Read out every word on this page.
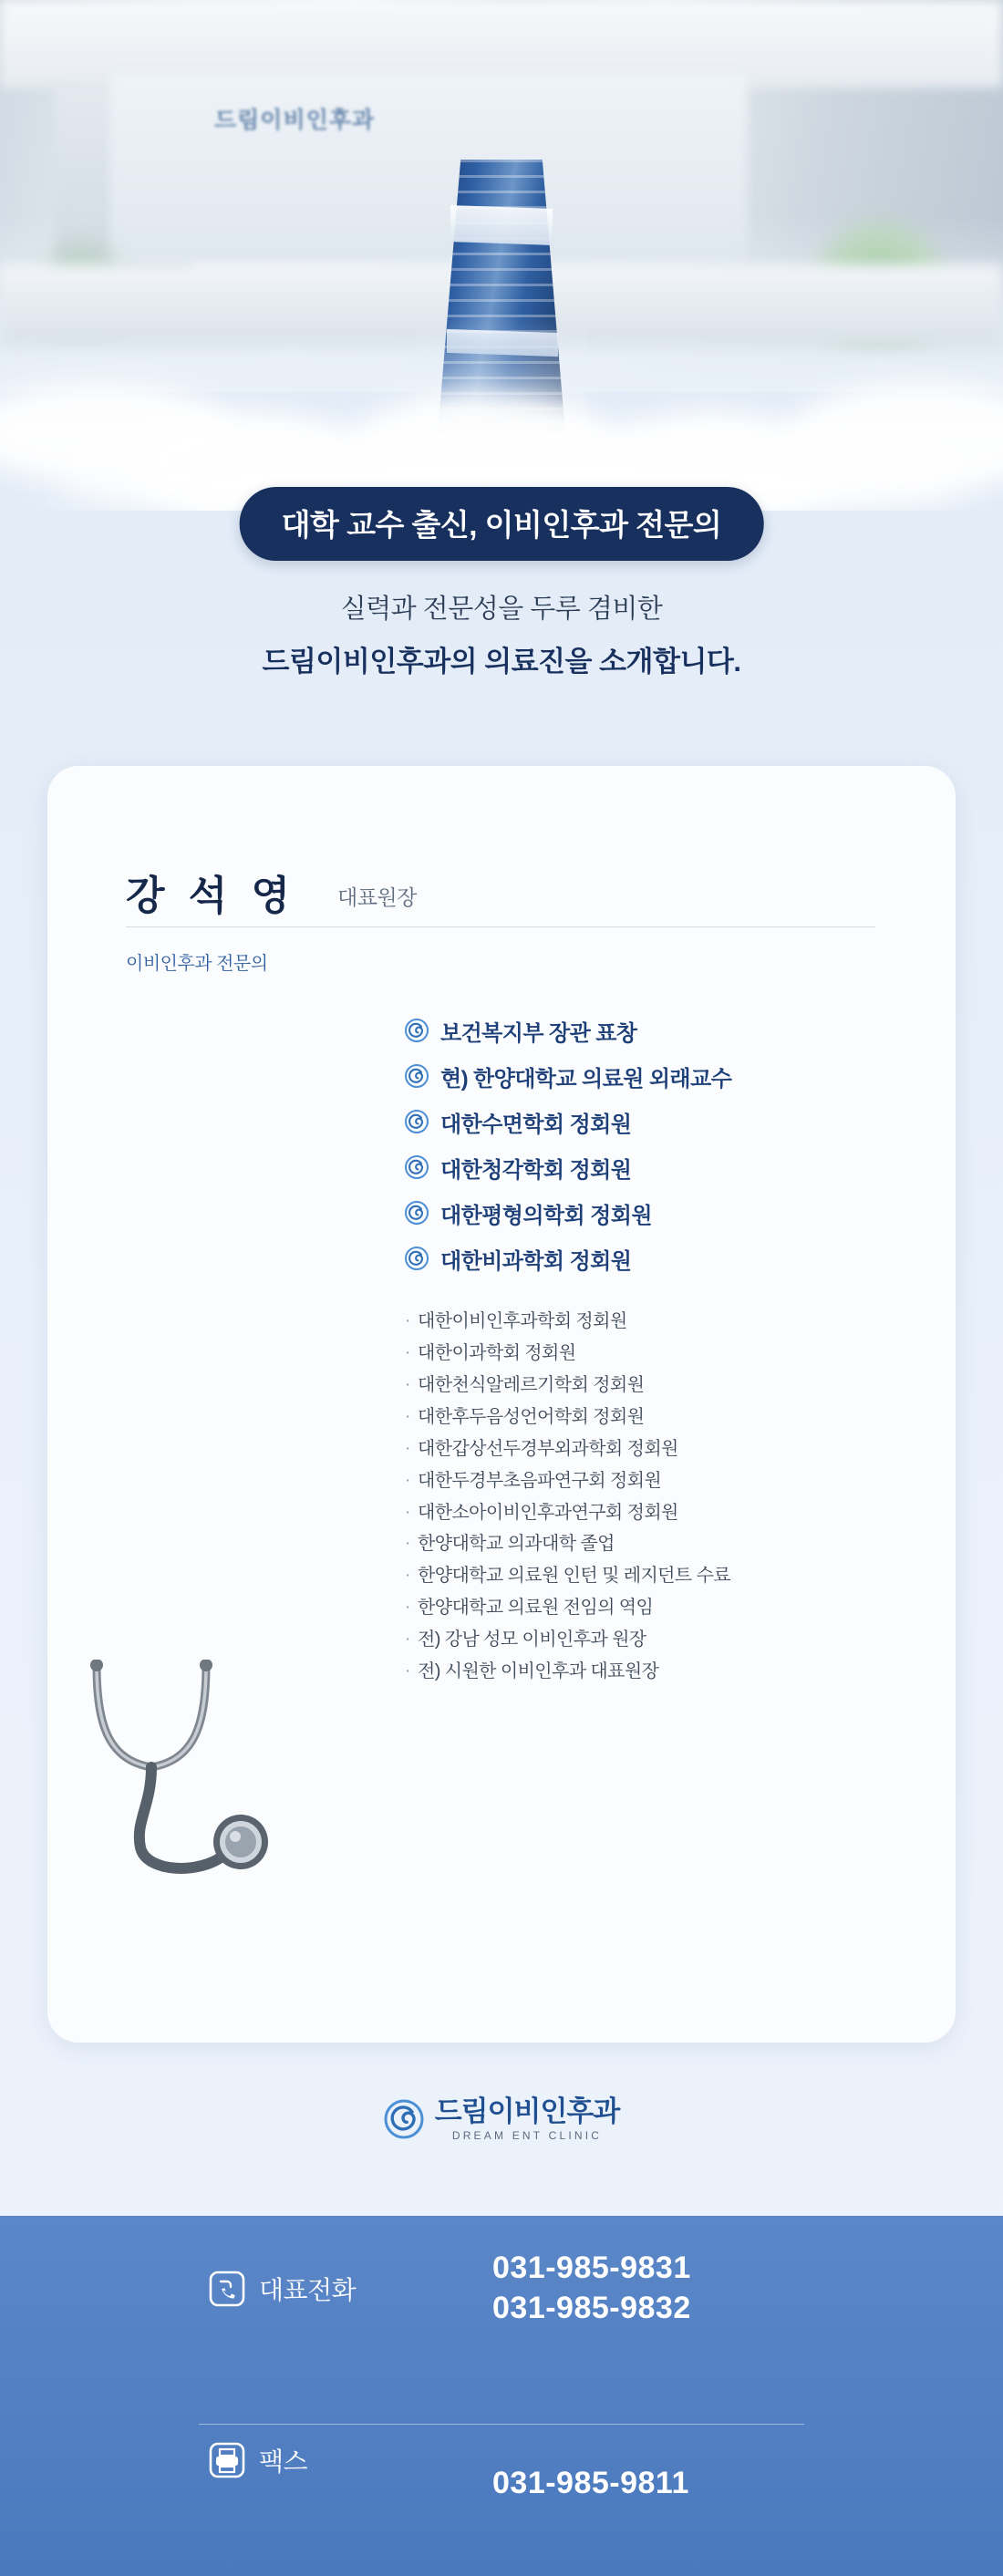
드림이비인후과
대학 교수 출신, 이비인후과 전문의
실력과 전문성을 두루 겸비한
드림이비인후과의 의료진을 소개합니다.
강 석 영 대표원장
이비인후과 전문의
보건복지부 장관 표창
현) 한양대학교 의료원 외래교수
대한수면학회 정회원
대한청각학회 정회원
대한평형의학회 정회원
대한비과학회 정회원
· 대한이비인후과학회 정회원
· 대한이과학회 정회원
· 대한천식알레르기학회 정회원
· 대한후두음성언어학회 정회원
· 대한갑상선두경부외과학회 정회원
· 대한두경부초음파연구회 정회원
· 대한소아이비인후과연구회 정회원
· 한양대학교 의과대학 졸업
· 한양대학교 의료원 인턴 및 레지던트 수료
· 한양대학교 의료원 전임의 역임
· 전) 강남 성모 이비인후과 원장
· 전) 시원한 이비인후과 대표원장
드림이비인후과
DREAM ENT CLINIC
대표전화
031-985-9831
031-985-9832
팩스
031-985-9811
